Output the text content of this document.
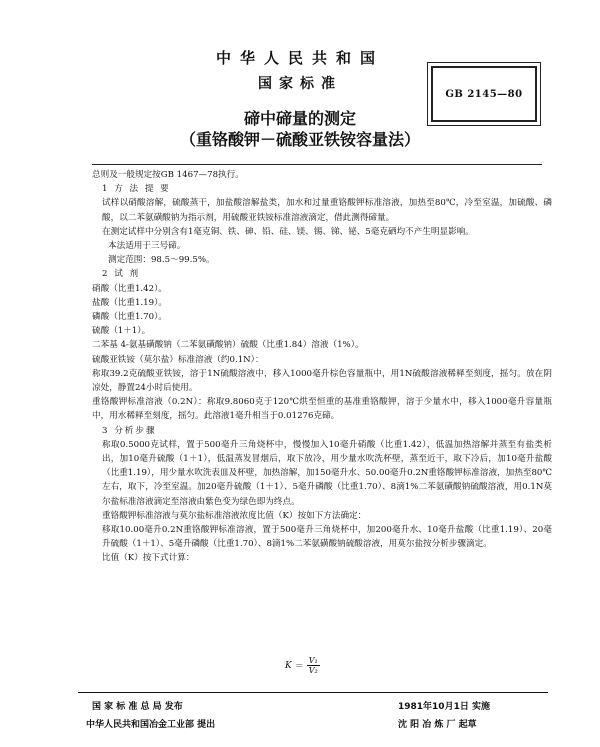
中华人民共和国
国家标准
GB 2145—80
碲中碲量的测定
（重铬酸钾－硫酸亚铁铵容量法）

总则及一般规定按GB 1467—78执行。

1 方 法 提 要

试样以硝酸溶解，硫酸蒸干，加盐酸溶解盐类，加水和过量重铬酸钾标准溶液，加热至80℃，冷至室温，加硫酸、磷酸，以二苯氨磺酸钠为指示剂，用硫酸亚铁铵标准溶液滴定，借此测得碲量。

在测定试样中分别含有1毫克铜、铁、砷、铅、硅、镁、锡、锑、铋、5毫克硒均不产生明显影响。

本法适用于三号碲。

测定范围：98.5～99.5%。

2 试 剂

硝酸（比重1.42）。

盐酸（比重1.19）。

磷酸（比重1.70）。

硫酸（1＋1）。

二苯基 4-氨基磺酸钠（二苯氨磺酸钠）硫酸（比重1.84）溶液（1%）。

硫酸亚铁铵（莫尔盐）标准溶液（约0.1N）：

称取39.2克硫酸亚铁铵，溶于1N硫酸溶液中，移入1000毫升棕色容量瓶中，用1N硫酸溶液稀释至刻度，摇匀。放在阴凉处，静置24小时后使用。

重铬酸钾标准溶液（0.2N）：称取9.8060克于120℃烘至恒重的基准重铬酸钾，溶于少量水中，移入1000毫升容量瓶中，用水稀释至刻度，摇匀。此溶液1毫升相当于0.01276克碲。

3 分析步骤

称取0.5000克试样，置于500毫升三角烧杯中，慢慢加入10毫升硝酸（比重1.42），低温加热溶解并蒸至有盐类析出，加10毫升硫酸（1＋1），低温蒸发冒烟后，取下放冷，用少量水吹洗杯壁，蒸至近干，取下冷后，加10毫升盐酸（比重1.19），用少量水吹洗表皿及杯壁，加热溶解，加150毫升水、50.00毫升0.2N重铬酸钾标准溶液，加热至80℃左右，取下，冷至室温。加20毫升硫酸（1＋1）、5毫升磷酸（比重1.70）、8滴1%二苯氨磺酸钠硫酸溶液，用0.1N莫尔盐标准溶液滴定至溶液由紫色变为绿色即为终点。

重铬酸钾标准溶液与莫尔盐标准溶液浓度比值（K）按如下方法确定：

移取10.00毫升0.2N重铬酸钾标准溶液，置于500毫升三角烧杯中，加200毫升水、10毫升盐酸（比重1.19）、20毫升硫酸（1＋1）、5毫升磷酸（比重1.70）、8滴1%二苯氨磺酸钠硫酸溶液，用莫尔盐按分析步骤滴定。

比值（K）按下式计算：

$K = \frac{\text{V₁}}{\text{V₂}}$
国 家 标 准 总 局 发布
中华人民共和国冶金工业部 提出
1981年10月1日 实施
沈 阳 冶 炼 厂 起草
